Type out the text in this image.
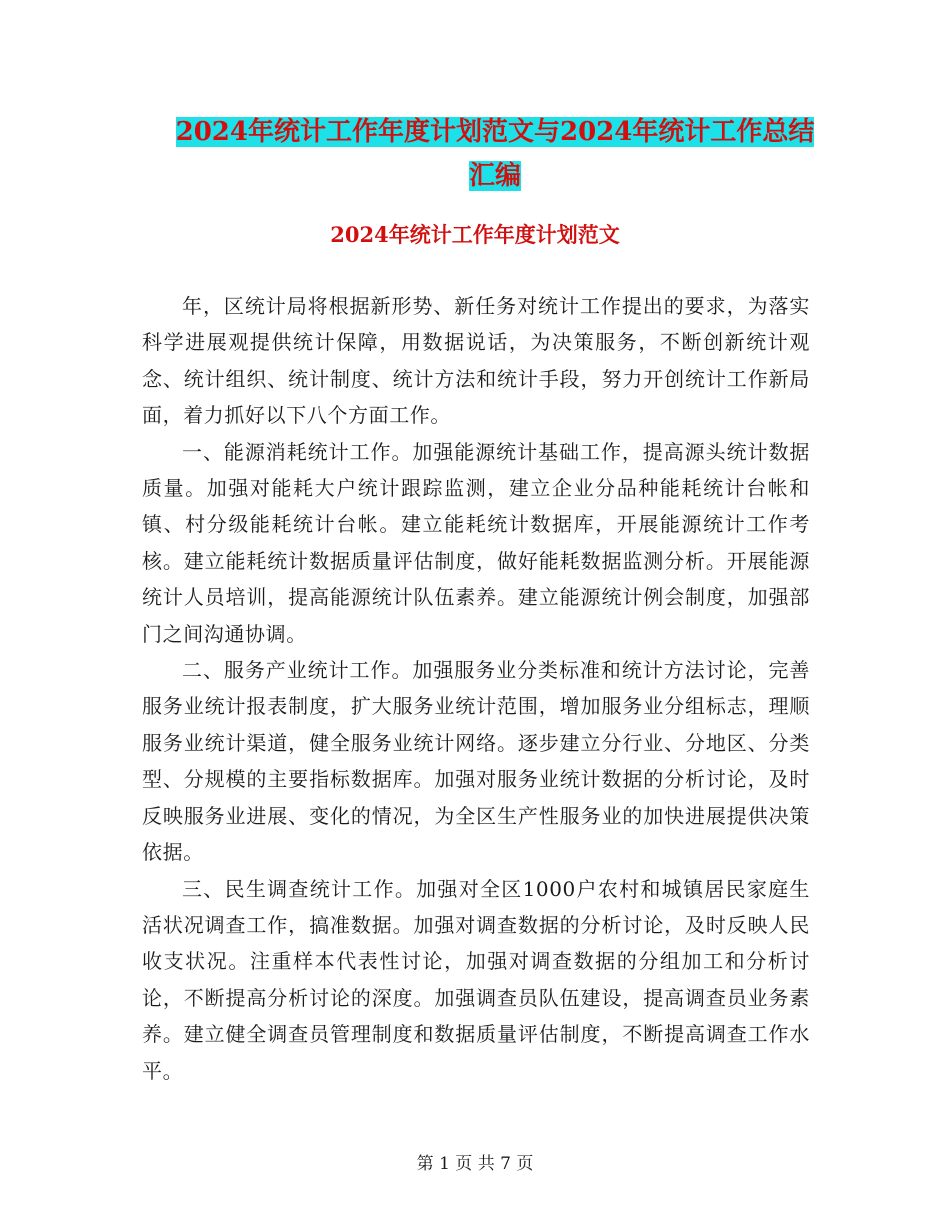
2024年统计工作年度计划范文与2024年统计工作总结
汇编
2024年统计工作年度计划范文

年，区统计局将根据新形势、新任务对统计工作提出的要求，为落实科学进展观提供统计保障，用数据说话，为决策服务，不断创新统计观念、统计组织、统计制度、统计方法和统计手段，努力开创统计工作新局面，着力抓好以下八个方面工作。

一、能源消耗统计工作。加强能源统计基础工作，提高源头统计数据质量。加强对能耗大户统计跟踪监测，建立企业分品种能耗统计台帐和镇、村分级能耗统计台帐。建立能耗统计数据库，开展能源统计工作考核。建立能耗统计数据质量评估制度，做好能耗数据监测分析。开展能源统计人员培训，提高能源统计队伍素养。建立能源统计例会制度，加强部门之间沟通协调。

二、服务产业统计工作。加强服务业分类标准和统计方法讨论，完善服务业统计报表制度，扩大服务业统计范围，增加服务业分组标志，理顺服务业统计渠道，健全服务业统计网络。逐步建立分行业、分地区、分类型、分规模的主要指标数据库。加强对服务业统计数据的分析讨论，及时反映服务业进展、变化的情况，为全区生产性服务业的加快进展提供决策依据。

三、民生调查统计工作。加强对全区1000户农村和城镇居民家庭生活状况调查工作，搞准数据。加强对调查数据的分析讨论，及时反映人民收支状况。注重样本代表性讨论，加强对调查数据的分组加工和分析讨论，不断提高分析讨论的深度。加强调查员队伍建设，提高调查员业务素养。建立健全调查员管理制度和数据质量评估制度，不断提高调查工作水平。

第 1 页 共 7 页
